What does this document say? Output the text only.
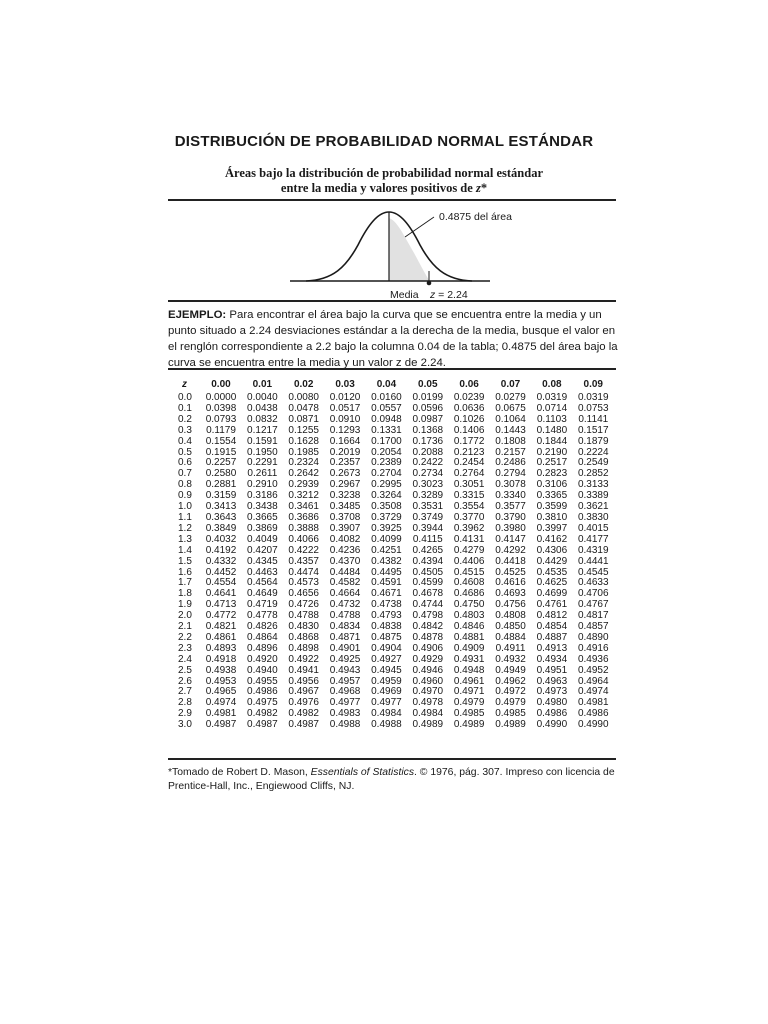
DISTRIBUCIÓN DE PROBABILIDAD NORMAL ESTÁNDAR
Áreas bajo la distribución de probabilidad normal estándar
entre la media y valores positivos de z*
0.4875 del área
Media z = 2.24
EJEMPLO: Para encontrar el área bajo la curva que se encuentra entre la media y un punto situado a 2.24 desviaciones estándar a la derecha de la media, busque el valor en el renglón correspondiente a 2.2 bajo la columna 0.04 de la tabla; 0.4875 del área bajo la curva se encuentra entre la media y un valor z de 2.24.
z	0.00	0.01	0.02	0.03	0.04	0.05	0.06	0.07	0.08	0.09
0.0	0.0000	0.0040	0.0080	0.0120	0.0160	0.0199	0.0239	0.0279	0.0319	0.0319
0.1	0.0398	0.0438	0.0478	0.0517	0.0557	0.0596	0.0636	0.0675	0.0714	0.0753
0.2	0.0793	0.0832	0.0871	0.0910	0.0948	0.0987	0.1026	0.1064	0.1103	0.1141
0.3	0.1179	0.1217	0.1255	0.1293	0.1331	0.1368	0.1406	0.1443	0.1480	0.1517
0.4	0.1554	0.1591	0.1628	0.1664	0.1700	0.1736	0.1772	0.1808	0.1844	0.1879
0.5	0.1915	0.1950	0.1985	0.2019	0.2054	0.2088	0.2123	0.2157	0.2190	0.2224
0.6	0.2257	0.2291	0.2324	0.2357	0.2389	0.2422	0.2454	0.2486	0.2517	0.2549
0.7	0.2580	0.2611	0.2642	0.2673	0.2704	0.2734	0.2764	0.2794	0.2823	0.2852
0.8	0.2881	0.2910	0.2939	0.2967	0.2995	0.3023	0.3051	0.3078	0.3106	0.3133
0.9	0.3159	0.3186	0.3212	0.3238	0.3264	0.3289	0.3315	0.3340	0.3365	0.3389
1.0	0.3413	0.3438	0.3461	0.3485	0.3508	0.3531	0.3554	0.3577	0.3599	0.3621
1.1	0.3643	0.3665	0.3686	0.3708	0.3729	0.3749	0.3770	0.3790	0.3810	0.3830
1.2	0.3849	0.3869	0.3888	0.3907	0.3925	0.3944	0.3962	0.3980	0.3997	0.4015
1.3	0.4032	0.4049	0.4066	0.4082	0.4099	0.4115	0.4131	0.4147	0.4162	0.4177
1.4	0.4192	0.4207	0.4222	0.4236	0.4251	0.4265	0.4279	0.4292	0.4306	0.4319
1.5	0.4332	0.4345	0.4357	0.4370	0.4382	0.4394	0.4406	0.4418	0.4429	0.4441
1.6	0.4452	0.4463	0.4474	0.4484	0.4495	0.4505	0.4515	0.4525	0.4535	0.4545
1.7	0.4554	0.4564	0.4573	0.4582	0.4591	0.4599	0.4608	0.4616	0.4625	0.4633
1.8	0.4641	0.4649	0.4656	0.4664	0.4671	0.4678	0.4686	0.4693	0.4699	0.4706
1.9	0.4713	0.4719	0.4726	0.4732	0.4738	0.4744	0.4750	0.4756	0.4761	0.4767
2.0	0.4772	0.4778	0.4788	0.4788	0.4793	0.4798	0.4803	0.4808	0.4812	0.4817
2.1	0.4821	0.4826	0.4830	0.4834	0.4838	0.4842	0.4846	0.4850	0.4854	0.4857
2.2	0.4861	0.4864	0.4868	0.4871	0.4875	0.4878	0.4881	0.4884	0.4887	0.4890
2.3	0.4893	0.4896	0.4898	0.4901	0.4904	0.4906	0.4909	0.4911	0.4913	0.4916
2.4	0.4918	0.4920	0.4922	0.4925	0.4927	0.4929	0.4931	0.4932	0.4934	0.4936
2.5	0.4938	0.4940	0.4941	0.4943	0.4945	0.4946	0.4948	0.4949	0.4951	0.4952
2.6	0.4953	0.4955	0.4956	0.4957	0.4959	0.4960	0.4961	0.4962	0.4963	0.4964
2.7	0.4965	0.4986	0.4967	0.4968	0.4969	0.4970	0.4971	0.4972	0.4973	0.4974
2.8	0.4974	0.4975	0.4976	0.4977	0.4977	0.4978	0.4979	0.4979	0.4980	0.4981
2.9	0.4981	0.4982	0.4982	0.4983	0.4984	0.4984	0.4985	0.4985	0.4986	0.4986
3.0	0.4987	0.4987	0.4987	0.4988	0.4988	0.4989	0.4989	0.4989	0.4990	0.4990
*Tomado de Robert D. Mason, Essentials of Statistics. © 1976, pág. 307. Impreso con licencia de Prentice-Hall, Inc., Engiewood Cliffs, NJ.
